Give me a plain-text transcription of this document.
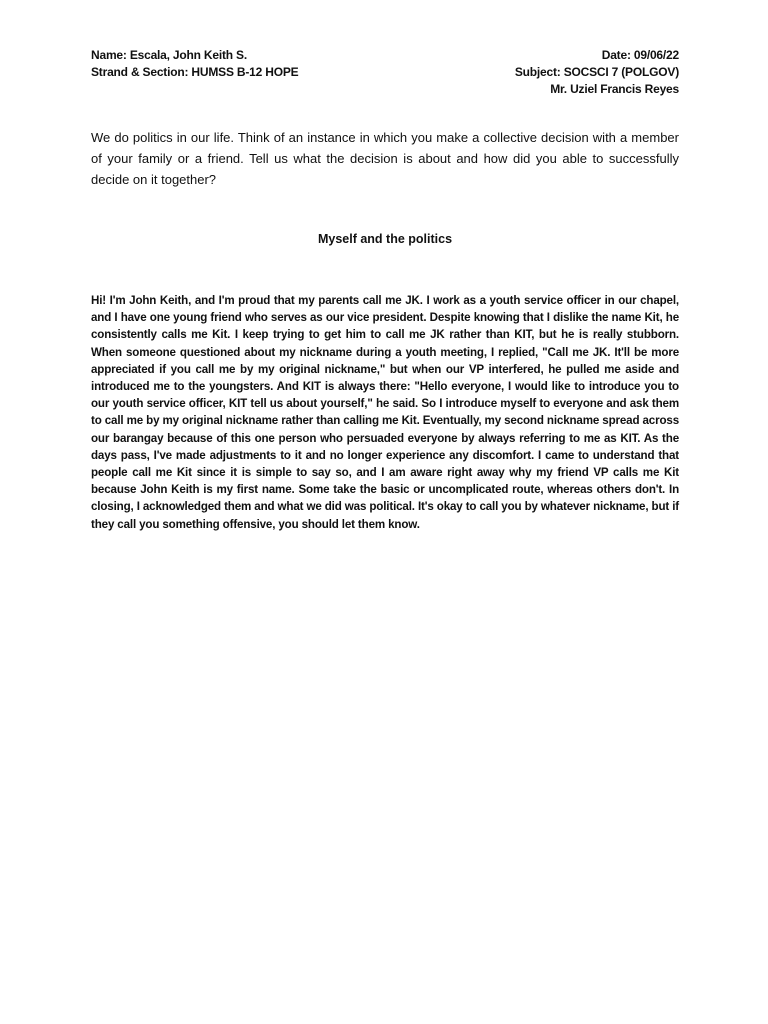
Name: Escala, John Keith S.	Date: 09/06/22
Strand & Section: HUMSS B-12 HOPE	Subject: SOCSCI 7 (POLGOV)
Mr. Uziel Francis Reyes

We do politics in our life. Think of an instance in which you make a collective decision with a member of your family or a friend. Tell us what the decision is about and how did you able to successfully decide on it together?

Myself and the politics

Hi! I'm John Keith, and I'm proud that my parents call me JK. I work as a youth service officer in our chapel, and I have one young friend who serves as our vice president. Despite knowing that I dislike the name Kit, he consistently calls me Kit. I keep trying to get him to call me JK rather than KIT, but he is really stubborn. When someone questioned about my nickname during a youth meeting, I replied, "Call me JK. It'll be more appreciated if you call me by my original nickname," but when our VP interfered, he pulled me aside and introduced me to the youngsters. And KIT is always there: "Hello everyone, I would like to introduce you to our youth service officer, KIT tell us about yourself," he said. So I introduce myself to everyone and ask them to call me by my original nickname rather than calling me Kit. Eventually, my second nickname spread across our barangay because of this one person who persuaded everyone by always referring to me as KIT. As the days pass, I've made adjustments to it and no longer experience any discomfort. I came to understand that people call me Kit since it is simple to say so, and I am aware right away why my friend VP calls me Kit because John Keith is my first name. Some take the basic or uncomplicated route, whereas others don't. In closing, I acknowledged them and what we did was political. It's okay to call you by whatever nickname, but if they call you something offensive, you should let them know.
